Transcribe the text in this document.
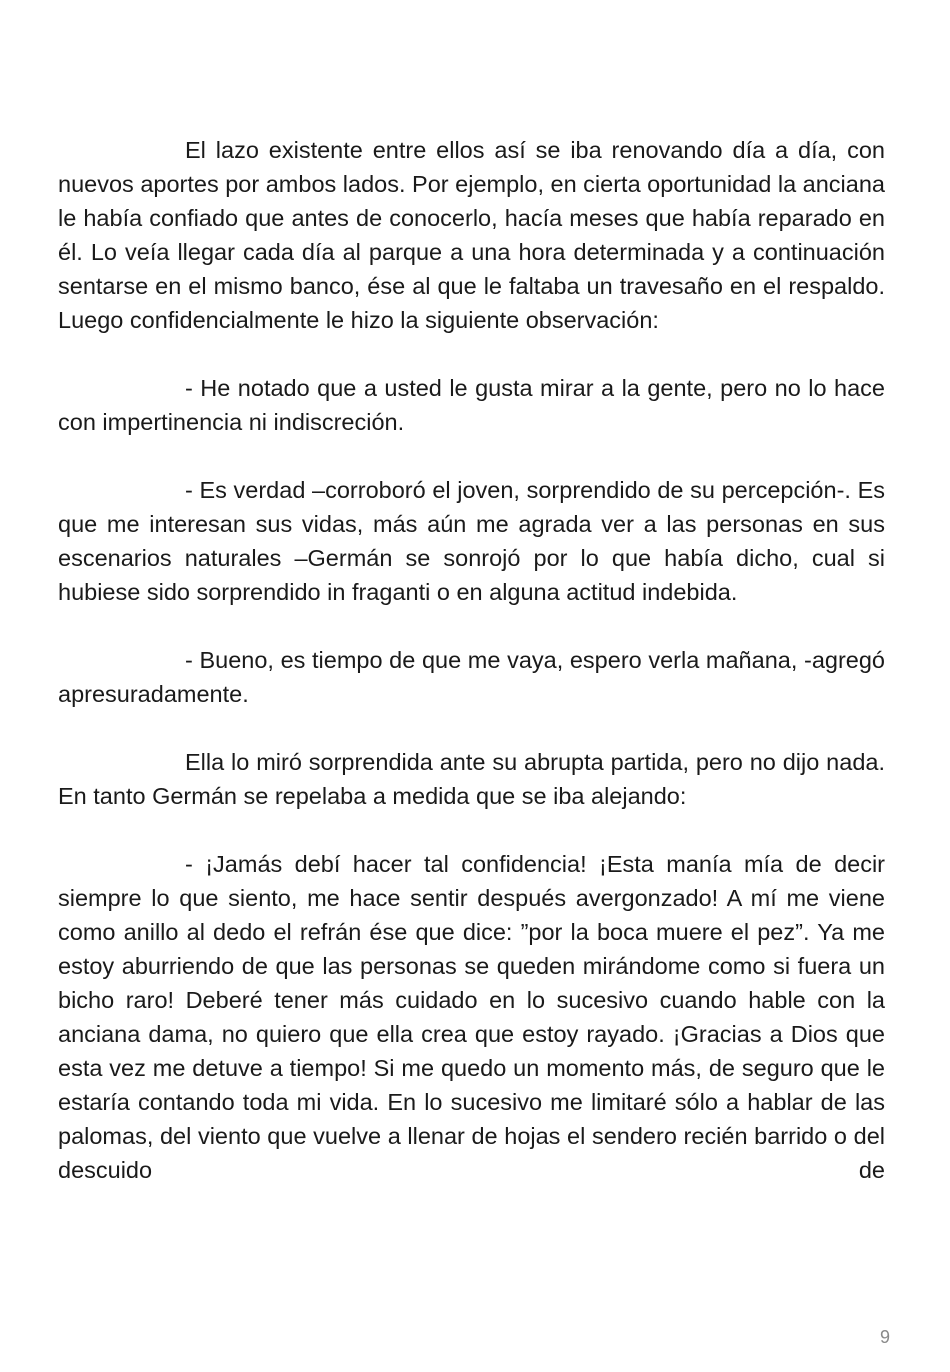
El lazo existente entre ellos así se iba renovando día a día, con nuevos aportes por ambos lados. Por ejemplo, en cierta oportunidad la anciana le había confiado que antes de conocerlo, hacía meses que había reparado en él. Lo veía llegar cada día al parque a una hora determinada y a continuación sentarse en el mismo banco, ése al que le faltaba un travesaño en el respaldo. Luego confidencialmente le hizo la siguiente observación:

- He notado que a usted le gusta mirar a la gente, pero no lo hace con impertinencia ni indiscreción.

- Es verdad –corroboró el joven, sorprendido de su percepción-. Es que me interesan sus vidas, más aún me agrada ver a las personas en sus escenarios naturales –Germán se sonrojó por lo que había dicho, cual si hubiese sido sorprendido in fraganti o en alguna actitud indebida.

- Bueno, es tiempo de que me vaya, espero verla mañana, -agregó apresuradamente.

Ella lo miró sorprendida ante su abrupta partida, pero no dijo nada. En tanto Germán se repelaba a medida que se iba alejando:

- ¡Jamás debí hacer tal confidencia! ¡Esta manía mía de decir siempre lo que siento, me hace sentir después avergonzado! A mí me viene como anillo al dedo el refrán ése que dice: ”por la boca muere el pez”. Ya me estoy aburriendo de que las personas se queden mirándome como si fuera un bicho raro! Deberé tener más cuidado en lo sucesivo cuando hable con la anciana dama, no quiero que ella crea que estoy rayado. ¡Gracias a Dios que esta vez me detuve a tiempo! Si me quedo un momento más, de seguro que le estaría contando toda mi vida. En lo sucesivo me limitaré sólo a hablar de las palomas, del viento que vuelve a llenar de hojas el sendero recién barrido o del descuido de

9
